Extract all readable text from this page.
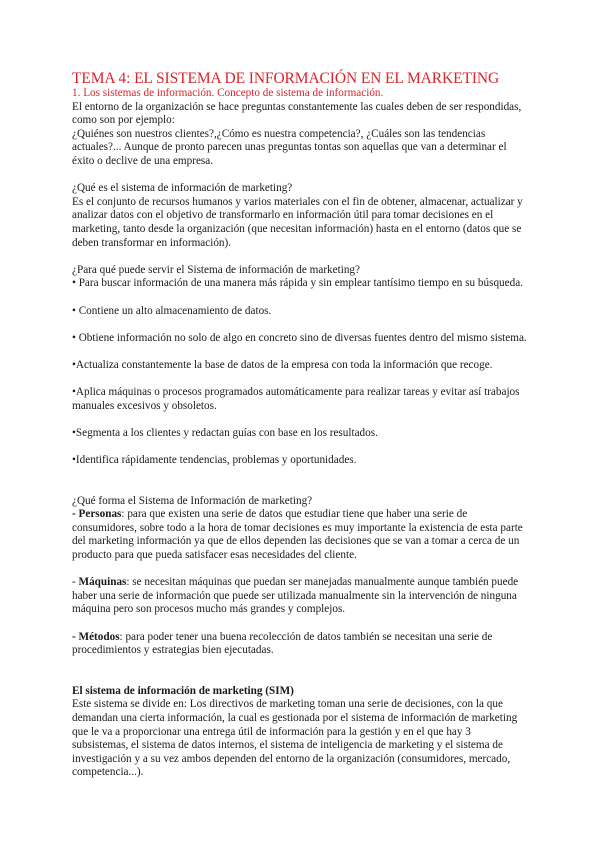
TEMA 4: EL SISTEMA DE INFORMACIÓN EN EL MARKETING

1. Los sistemas de información. Concepto de sistema de información.

El entorno de la organización se hace preguntas constantemente las cuales deben de ser respondidas, como son por ejemplo:

¿Quiénes son nuestros clientes?,¿Cómo es nuestra competencia?, ¿Cuáles son las tendencias actuales?... Aunque de pronto parecen unas preguntas tontas son aquellas que van a determinar el éxito o declive de una empresa.

¿Qué es el sistema de información de marketing?

Es el conjunto de recursos humanos y varios materiales con el fin de obtener, almacenar, actualizar y analizar datos con el objetivo de transformarlo en información útil para tomar decisiones en el marketing, tanto desde la organización (que necesitan información) hasta en el entorno (datos que se deben transformar en información).

¿Para qué puede servir el Sistema de información de marketing?

• Para buscar información de una manera más rápida y sin emplear tantísimo tiempo en su búsqueda.

• Contiene un alto almacenamiento de datos.

• Obtiene información no solo de algo en concreto sino de diversas fuentes dentro del mismo sistema.

•Actualiza constantemente la base de datos de la empresa con toda la información que recoge.

•Aplica máquinas o procesos programados automáticamente para realizar tareas y evitar así trabajos manuales excesivos y obsoletos.

•Segmenta a los clientes y redactan guías con base en los resultados.

•Identifica rápidamente tendencias, problemas y oportunidades.

¿Qué forma el Sistema de Información de marketing?

- Personas: para que existen una serie de datos que estudiar tiene que haber una serie de consumidores, sobre todo a la hora de tomar decisiones es muy importante la existencia de esta parte del marketing información ya que de ellos dependen las decisiones que se van a tomar a cerca de un producto para que pueda satisfacer esas necesidades del cliente.

- Máquinas: se necesitan máquinas que puedan ser manejadas manualmente aunque también puede haber una serie de información que puede ser utilizada manualmente sin la intervención de ninguna máquina pero son procesos mucho más grandes y complejos.

- Métodos: para poder tener una buena recolección de datos también se necesitan una serie de procedimientos y estrategias bien ejecutadas.

El sistema de información de marketing (SIM)

Este sistema se divide en: Los directivos de marketing toman una serie de decisiones, con la que demandan una cierta información, la cual es gestionada por el sistema de información de marketing que le va a proporcionar una entrega útil de información para la gestión y en el que hay 3 subsistemas, el sistema de datos internos, el sistema de inteligencia de marketing y el sistema de investigación y a su vez ambos dependen del entorno de la organización (consumidores, mercado, competencia...).
